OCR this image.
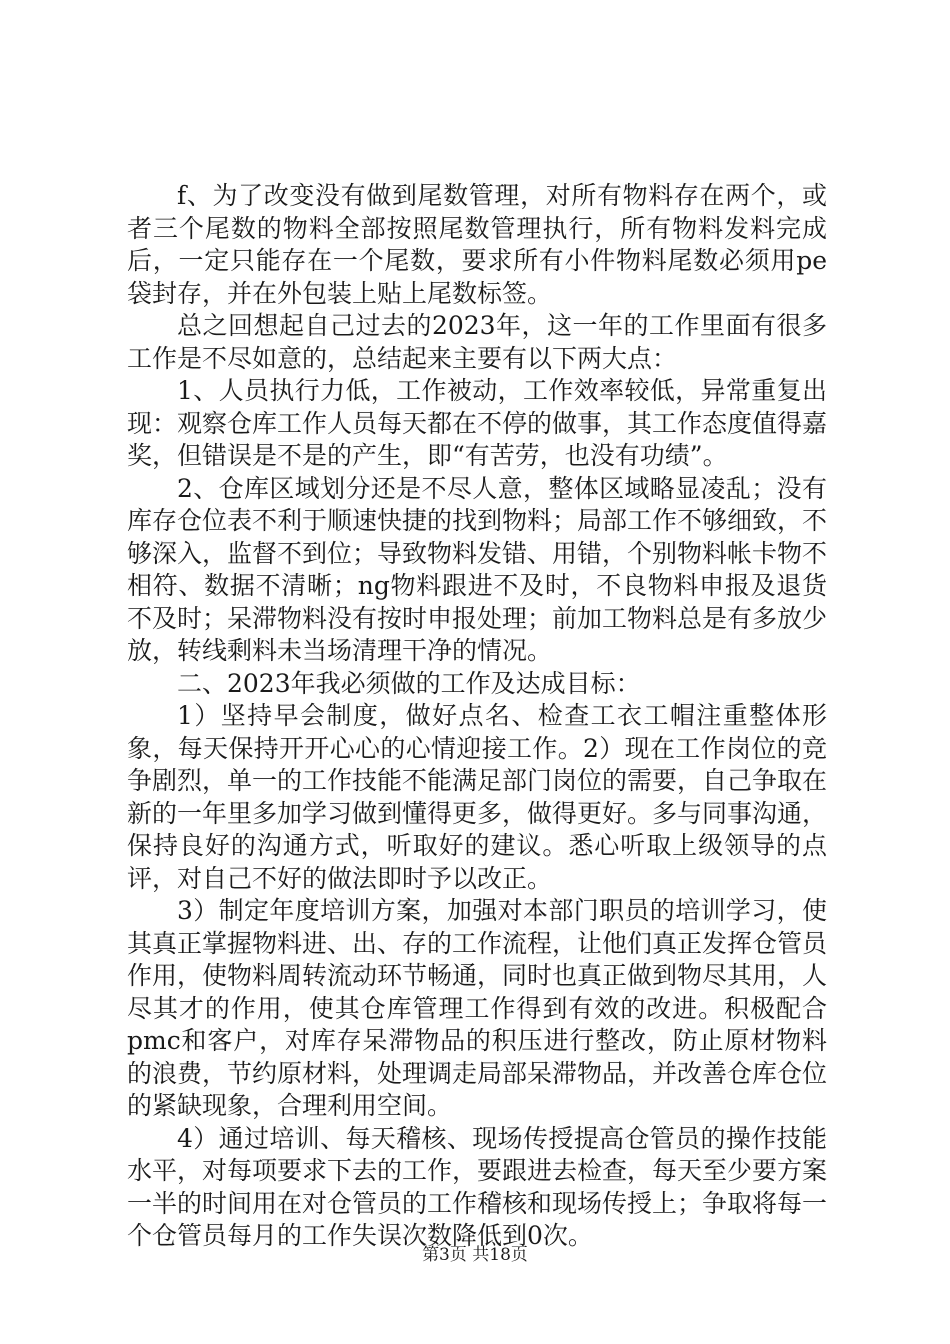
f、为了改变没有做到尾数管理，对所有物料存在两个，或者三个尾数的物料全部按照尾数管理执行，所有物料发料完成后，一定只能存在一个尾数，要求所有小件物料尾数必须用pe袋封存，并在外包装上贴上尾数标签。

总之回想起自己过去的2023年，这一年的工作里面有很多工作是不尽如意的，总结起来主要有以下两大点：

1、人员执行力低，工作被动，工作效率较低，异常重复出现：观察仓库工作人员每天都在不停的做事，其工作态度值得嘉奖，但错误是不是的产生，即“有苦劳，也没有功绩”。

2、仓库区域划分还是不尽人意，整体区域略显凌乱；没有库存仓位表不利于顺速快捷的找到物料；局部工作不够细致，不够深入，监督不到位；导致物料发错、用错，个别物料帐卡物不相符、数据不清晰；ng物料跟进不及时，不良物料申报及退货不及时；呆滞物料没有按时申报处理；前加工物料总是有多放少放，转线剩料未当场清理干净的情况。

二、2023年我必须做的工作及达成目标：

1）坚持早会制度，做好点名、检查工衣工帽注重整体形象，每天保持开开心心的心情迎接工作。2）现在工作岗位的竞争剧烈，单一的工作技能不能满足部门岗位的需要，自己争取在新的一年里多加学习做到懂得更多，做得更好。多与同事沟通，保持良好的沟通方式，听取好的建议。悉心听取上级领导的点评，对自己不好的做法即时予以改正。

3）制定年度培训方案，加强对本部门职员的培训学习，使其真正掌握物料进、出、存的工作流程，让他们真正发挥仓管员作用，使物料周转流动环节畅通，同时也真正做到物尽其用，人尽其才的作用，使其仓库管理工作得到有效的改进。积极配合pmc和客户，对库存呆滞物品的积压进行整改，防止原材物料的浪费，节约原材料，处理调走局部呆滞物品，并改善仓库仓位的紧缺现象，合理利用空间。

4）通过培训、每天稽核、现场传授提高仓管员的操作技能水平，对每项要求下去的工作，要跟进去检查，每天至少要方案一半的时间用在对仓管员的工作稽核和现场传授上；争取将每一个仓管员每月的工作失误次数降低到0次。

第3页 共18页
